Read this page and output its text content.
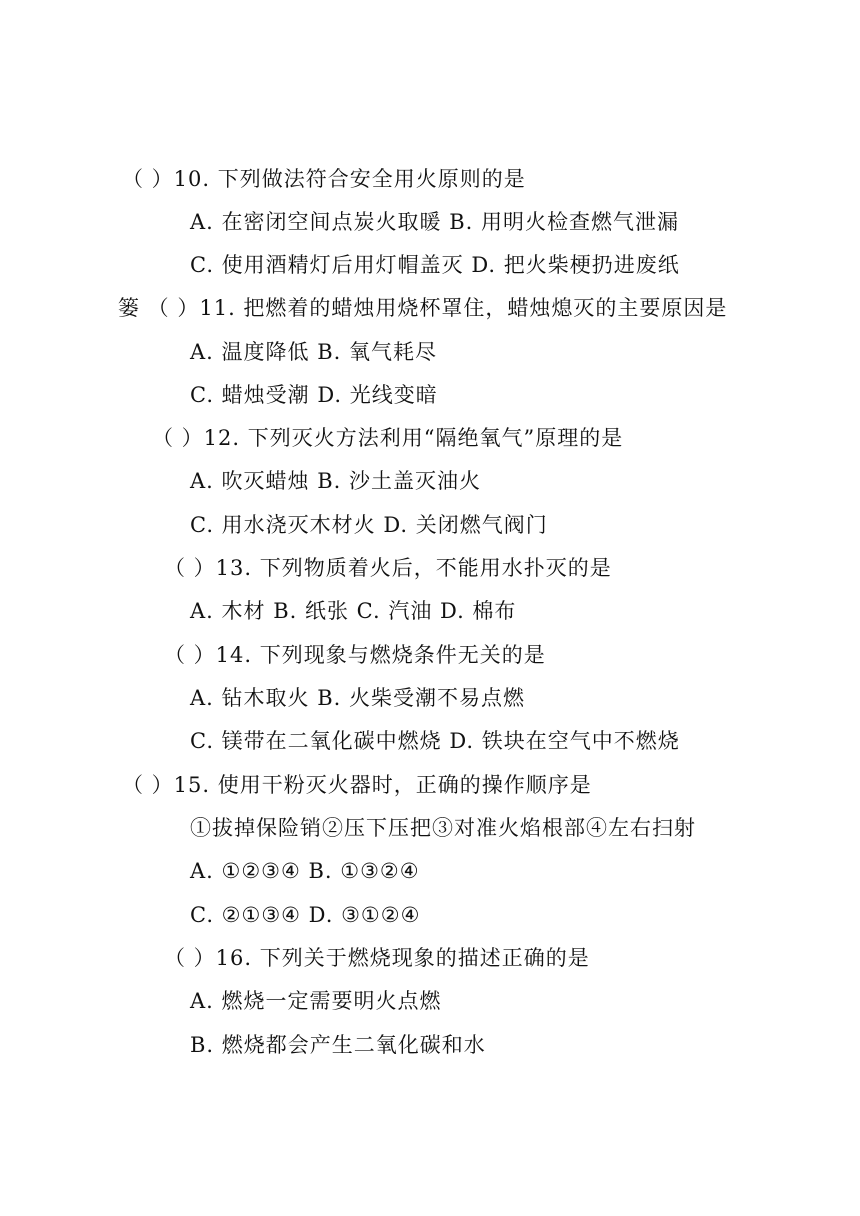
（ ）10. 下列做法符合安全用火原则的是
A. 在密闭空间点炭火取暖 B. 用明火检查燃气泄漏
C. 使用酒精灯后用灯帽盖灭 D. 把火柴梗扔进废纸
篓 （ ）11. 把燃着的蜡烛用烧杯罩住，蜡烛熄灭的主要原因是
A. 温度降低 B. 氧气耗尽
C. 蜡烛受潮 D. 光线变暗
（ ）12. 下列灭火方法利用“隔绝氧气”原理的是
A. 吹灭蜡烛 B. 沙土盖灭油火
C. 用水浇灭木材火 D. 关闭燃气阀门
（ ）13. 下列物质着火后，不能用水扑灭的是
A. 木材 B. 纸张 C. 汽油 D. 棉布
（ ）14. 下列现象与燃烧条件无关的是
A. 钻木取火 B. 火柴受潮不易点燃
C. 镁带在二氧化碳中燃烧 D. 铁块在空气中不燃烧
（ ）15. 使用干粉灭火器时，正确的操作顺序是
①拔掉保险销②压下压把③对准火焰根部④左右扫射
A. ①②③④ B. ①③②④
C. ②①③④ D. ③①②④
（ ）16. 下列关于燃烧现象的描述正确的是
A. 燃烧一定需要明火点燃
B. 燃烧都会产生二氧化碳和水
